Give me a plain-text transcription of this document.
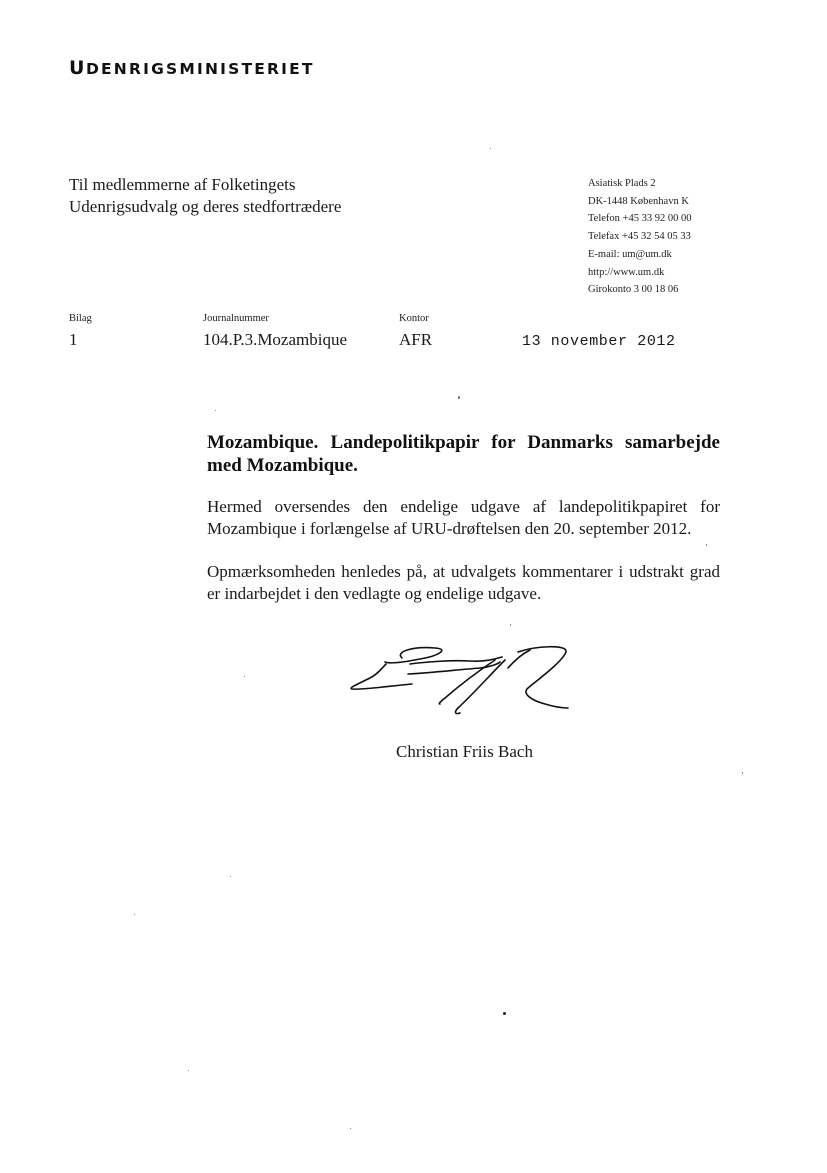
UDENRIGSMINISTERIET
Til medlemmerne af Folketingets
Udenrigsudvalg og deres stedfortrædere
Asiatisk Plads 2
DK-1448 København K
Telefon +45 33 92 00 00
Telefax +45 32 54 05 33
E-mail: um@um.dk
http://www.um.dk
Girokonto 3 00 18 06
Bilag
1
Journalnummer
104.P.3.Mozambique
Kontor
AFR	13 november 2012
Mozambique. Landepolitikpapir for Danmarks samarbejde med Mozambique.
Hermed oversendes den endelige udgave af landepolitikpapiret for Mozambique i forlængelse af URU-drøftelsen den 20. september 2012.
Opmærksomheden henledes på, at udvalgets kommentarer i udstrakt grad er indarbejdet i den vedlagte og endelige udgave.
Christian Friis Bach
